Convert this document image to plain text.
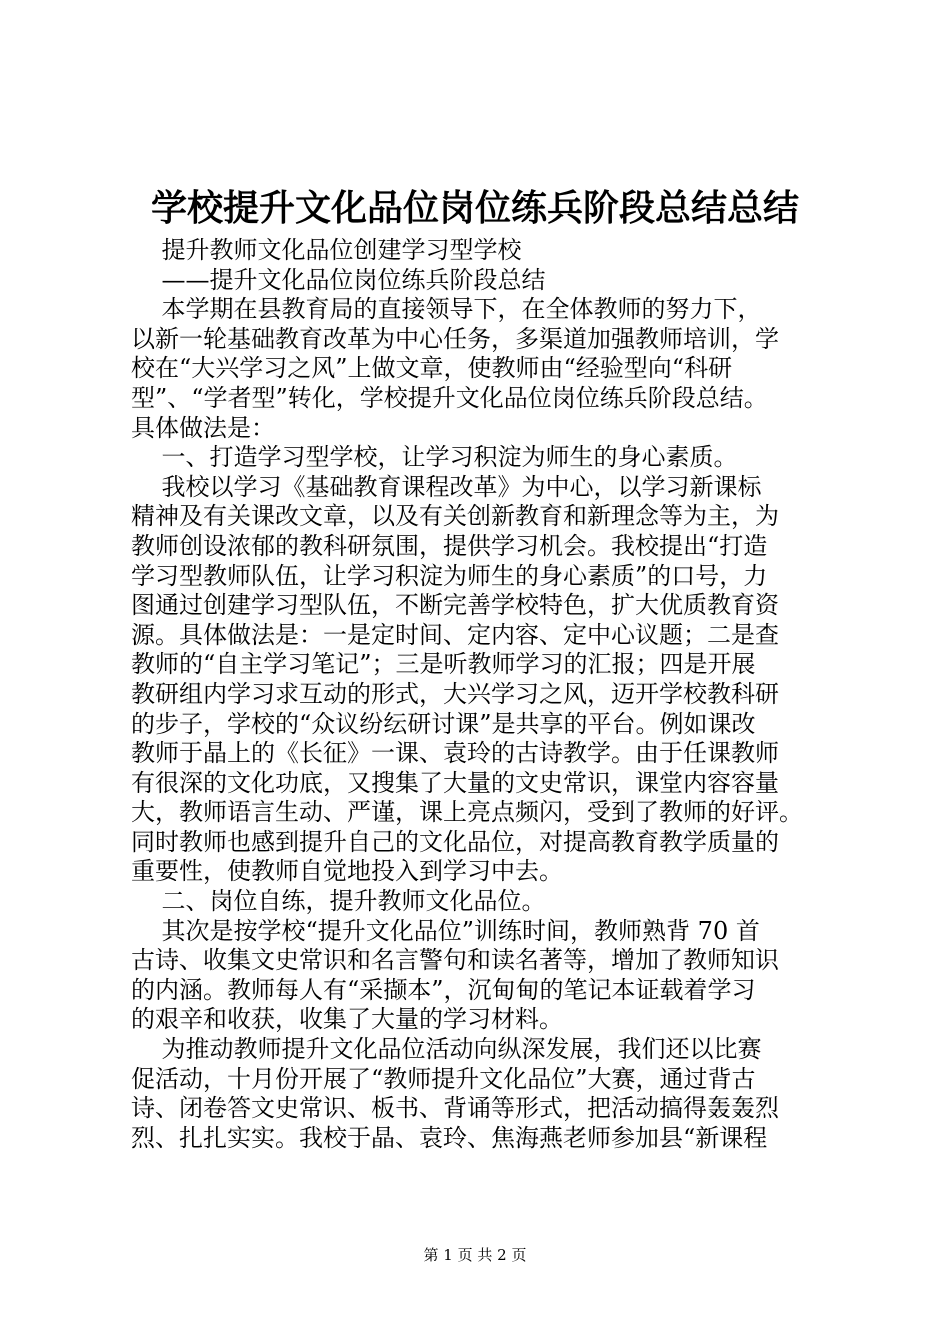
学校提升文化品位岗位练兵阶段总结总结
提升教师文化品位创建学习型学校
——提升文化品位岗位练兵阶段总结
本学期在县教育局的直接领导下，在全体教师的努力下，
以新一轮基础教育改革为中心任务，多渠道加强教师培训，学
校在“大兴学习之风”上做文章，使教师由“经验型向“科研
型”、“学者型”转化，学校提升文化品位岗位练兵阶段总结。
具体做法是：
一、打造学习型学校，让学习积淀为师生的身心素质。
我校以学习《基础教育课程改革》为中心，以学习新课标
精神及有关课改文章，以及有关创新教育和新理念等为主，为
教师创设浓郁的教科研氛围，提供学习机会。我校提出“打造
学习型教师队伍，让学习积淀为师生的身心素质”的口号，力
图通过创建学习型队伍，不断完善学校特色，扩大优质教育资
源。具体做法是：一是定时间、定内容、定中心议题；二是查
教师的“自主学习笔记”；三是听教师学习的汇报；四是开展
教研组内学习求互动的形式，大兴学习之风，迈开学校教科研
的步子，学校的“众议纷纭研讨课”是共享的平台。例如课改
教师于晶上的《长征》一课、袁玲的古诗教学。由于任课教师
有很深的文化功底，又搜集了大量的文史常识，课堂内容容量
大，教师语言生动、严谨，课上亮点频闪，受到了教师的好评。
同时教师也感到提升自己的文化品位，对提高教育教学质量的
重要性，使教师自觉地投入到学习中去。
二、岗位自练，提升教师文化品位。
其次是按学校“提升文化品位”训练时间，教师熟背 70 首
古诗、收集文史常识和名言警句和读名著等，增加了教师知识
的内涵。教师每人有“采撷本”，沉甸甸的笔记本证载着学习
的艰辛和收获，收集了大量的学习材料。
为推动教师提升文化品位活动向纵深发展，我们还以比赛
促活动，十月份开展了“教师提升文化品位”大赛，通过背古
诗、闭卷答文史常识、板书、背诵等形式，把活动搞得轰轰烈
烈、扎扎实实。我校于晶、袁玲、焦海燕老师参加县“新课程
第 1 页 共 2 页
